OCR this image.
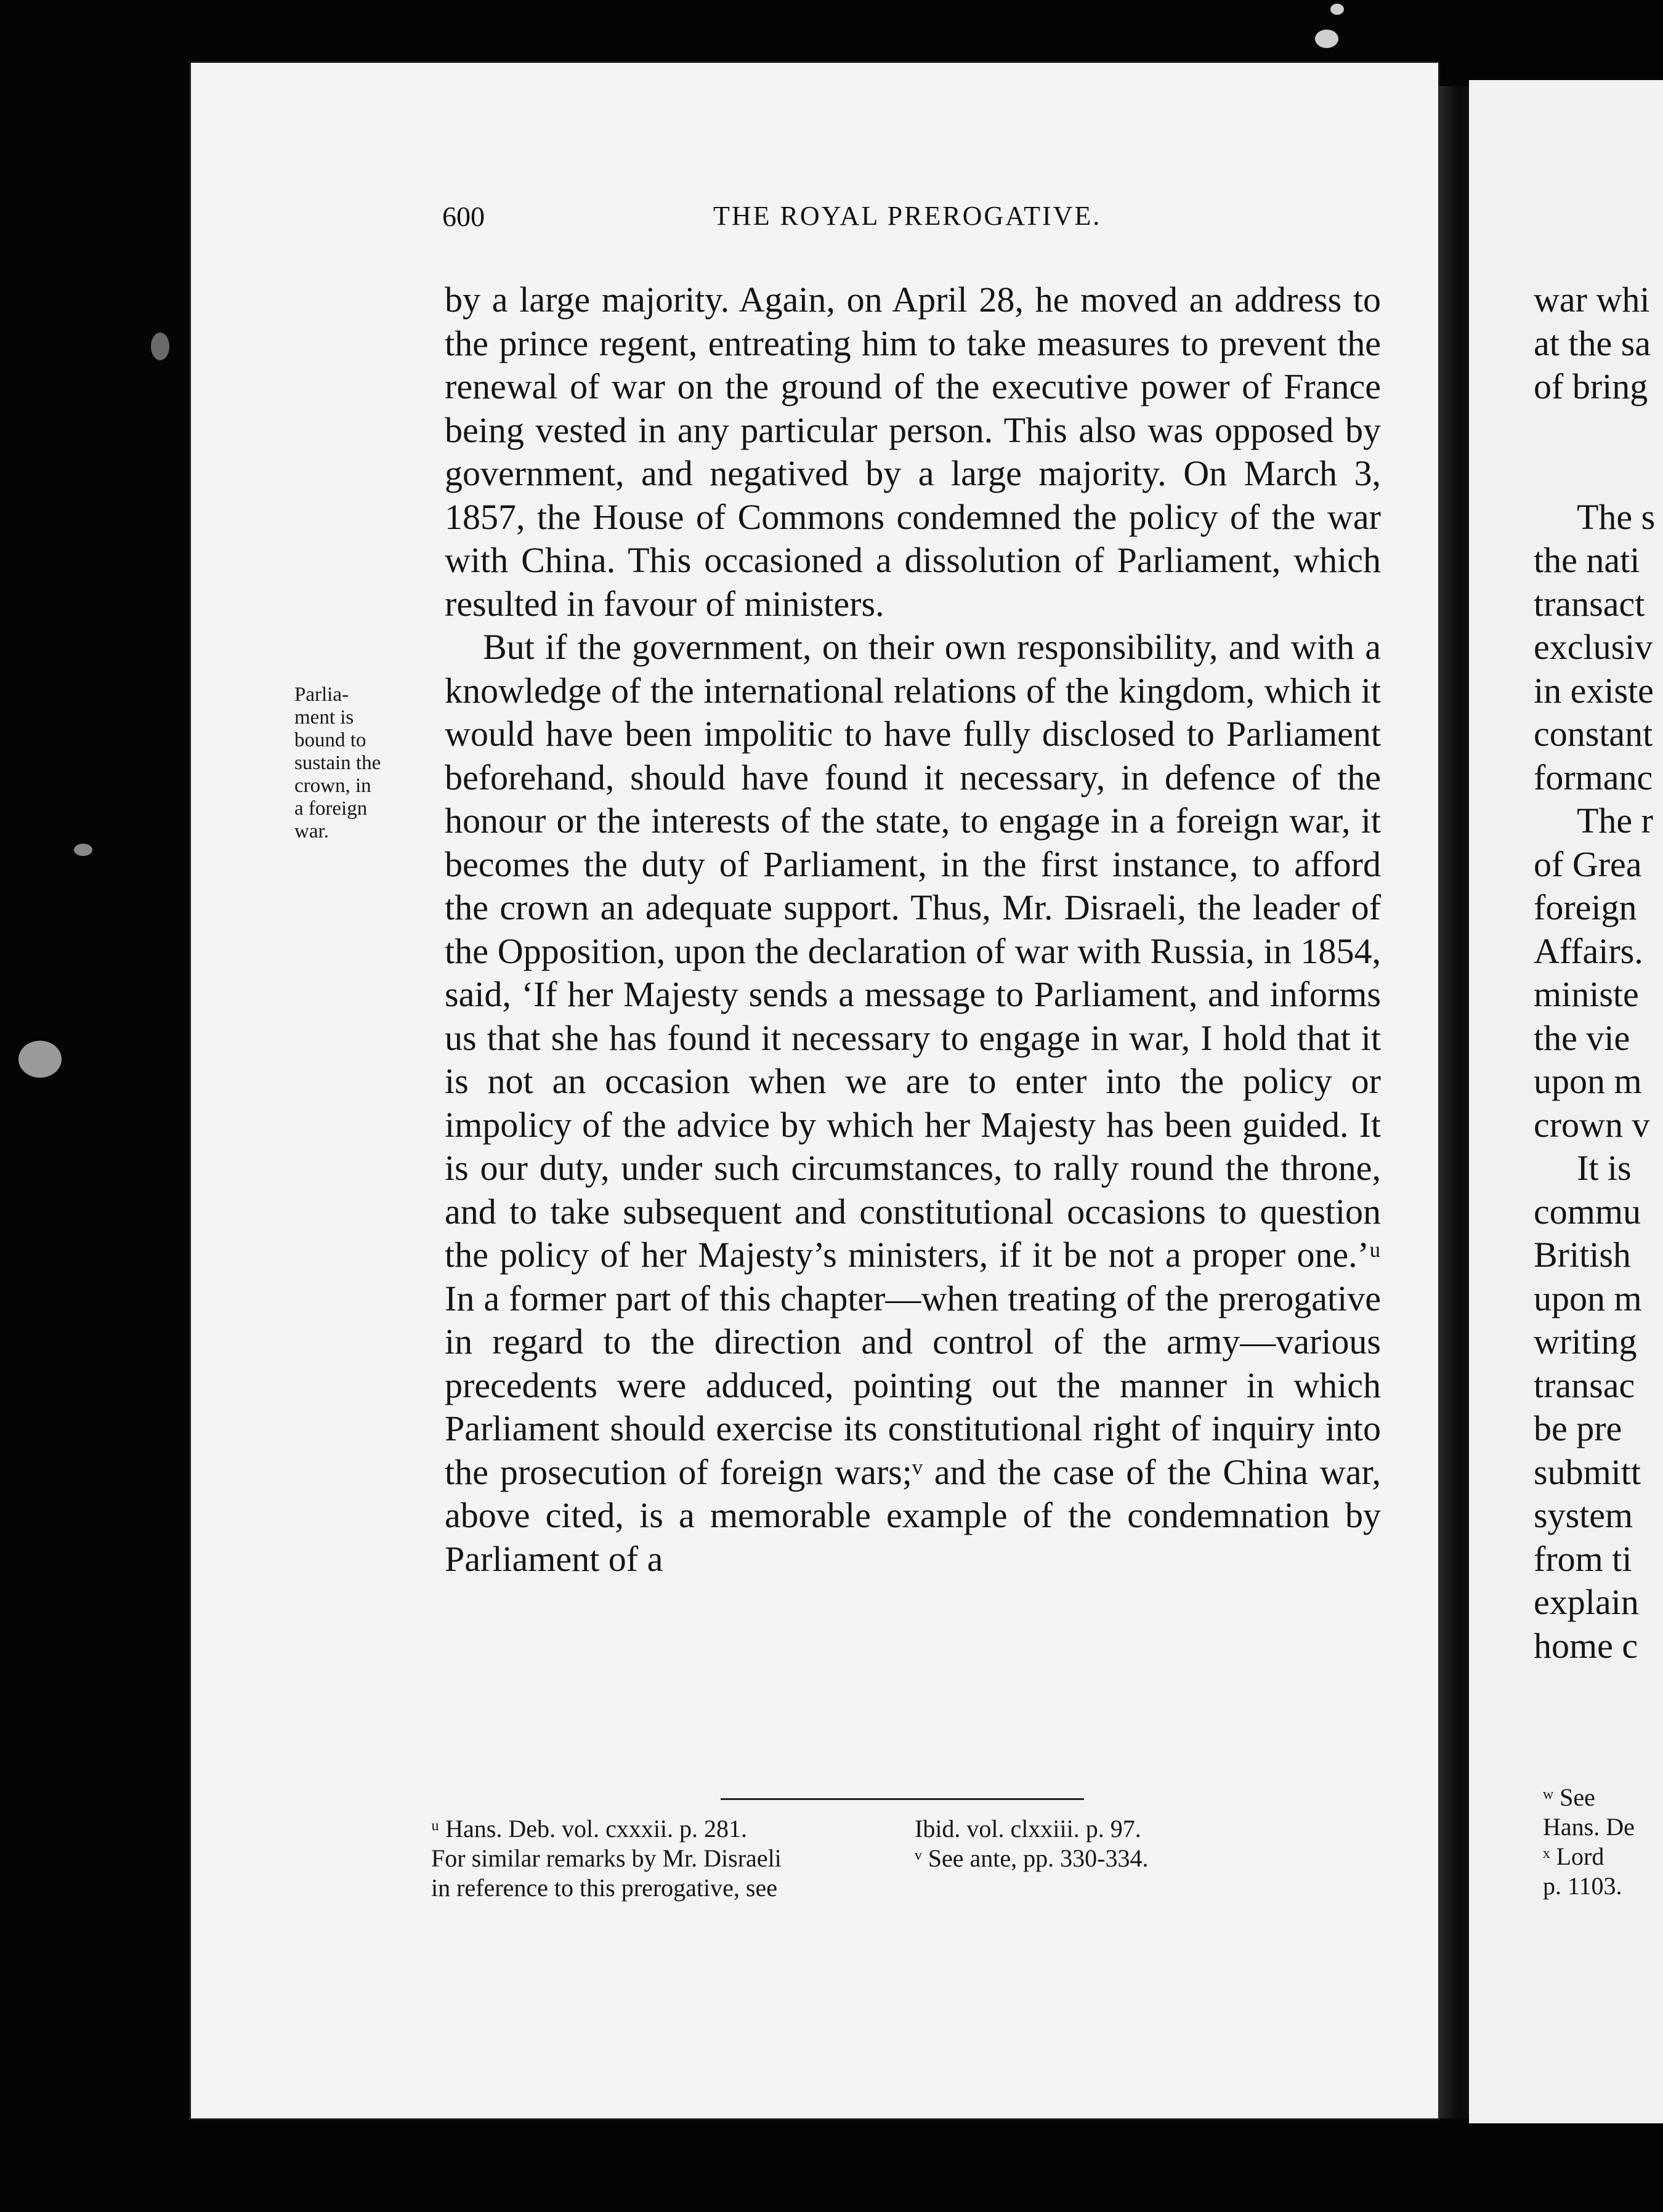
600	THE ROYAL PREROGATIVE.
Parlia-
ment is
bound to
sustain the
crown, in
a foreign
war.

by a large majority. Again, on April 28, he moved an address to the prince regent, entreating him to take measures to prevent the renewal of war on the ground of the executive power of France being vested in any particular person. This also was opposed by government, and negatived by a large majority. On March 3, 1857, the House of Commons condemned the policy of the war with China. This occasioned a dissolution of Parliament, which resulted in favour of ministers.

But if the government, on their own responsibility, and with a knowledge of the international relations of the kingdom, which it would have been impolitic to have fully disclosed to Parliament beforehand, should have found it necessary, in defence of the honour or the interests of the state, to engage in a foreign war, it becomes the duty of Parliament, in the first instance, to afford the crown an adequate support. Thus, Mr. Disraeli, the leader of the Opposition, upon the declaration of war with Russia, in 1854, said, ‘If her Majesty sends a message to Parliament, and informs us that she has found it necessary to engage in war, I hold that it is not an occasion when we are to enter into the policy or impolicy of the advice by which her Majesty has been guided. It is our duty, under such circumstances, to rally round the throne, and to take subsequent and constitutional occasions to question the policy of her Majesty’s ministers, if it be not a proper one.’ᵘ In a former part of this chapter—when treating of the prerogative in regard to the direction and control of the army—various precedents were adduced, pointing out the manner in which Parliament should exercise its constitutional right of inquiry into the prosecution of foreign wars;ᵛ and the case of the China war, above cited, is a memorable example of the condemnation by Parliament of a

ᵘ Hans. Deb. vol. cxxxii. p. 281.
For similar remarks by Mr. Disraeli
in reference to this prerogative, see
Ibid. vol. clxxiii. p. 97.
ᵛ See ante, pp. 330-334.
war whi
at the sa
of bring
The s
the nati
transact
exclusiv
in existe
constant
formanc
The r
of Grea
foreign
Affairs.
ministe
the vie
upon m
crown v
It is
commu
British
upon m
writing
transac
be pre
submitt
system
from ti
explain
home c
ʷ See
Hans. De
ˣ Lord
p. 1103.
